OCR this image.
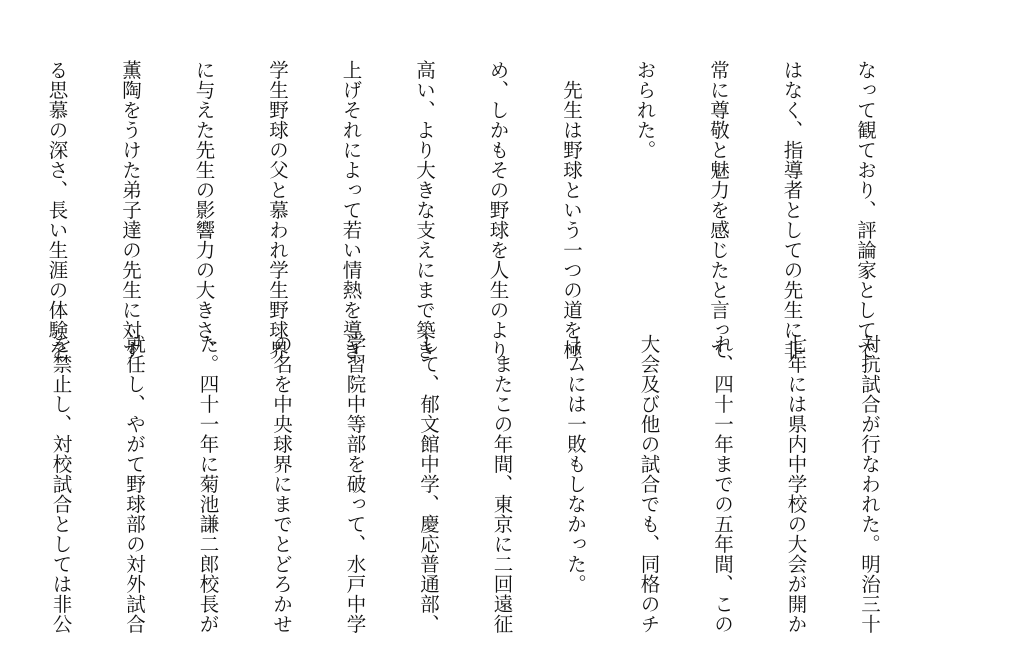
なって観ており、評論家としてで

はなく、指導者としての先生に非

常に尊敬と魅力を感じたと言って

おられた。

　先生は野球という一つの道を極

め、しかもその野球を人生のより

高い、より大きな支えにまで築き

上げそれによって若い情熱を導き

学生野球の父と慕われ学生野球界

に与えた先生の影響力の大きさ、

薫陶をうけた弟子達の先生に対す

る思慕の深さ、長い生涯の体験を

対抗試合が行なわれた。明治三十

七年には県内中学校の大会が開か

れ、四十一年までの五年間、この

大会及び他の試合でも、同格のチ

ームには一敗もしなかった。

　またこの年間、東京に二回遠征

して、郁文館中学、慶応普通部、

学習院中等部を破って、水戸中学

の名を中央球界にまでとどろかせ

た。四十一年に菊池謙二郎校長が

就任し、やがて野球部の対外試合

を禁止し、対校試合としては非公
